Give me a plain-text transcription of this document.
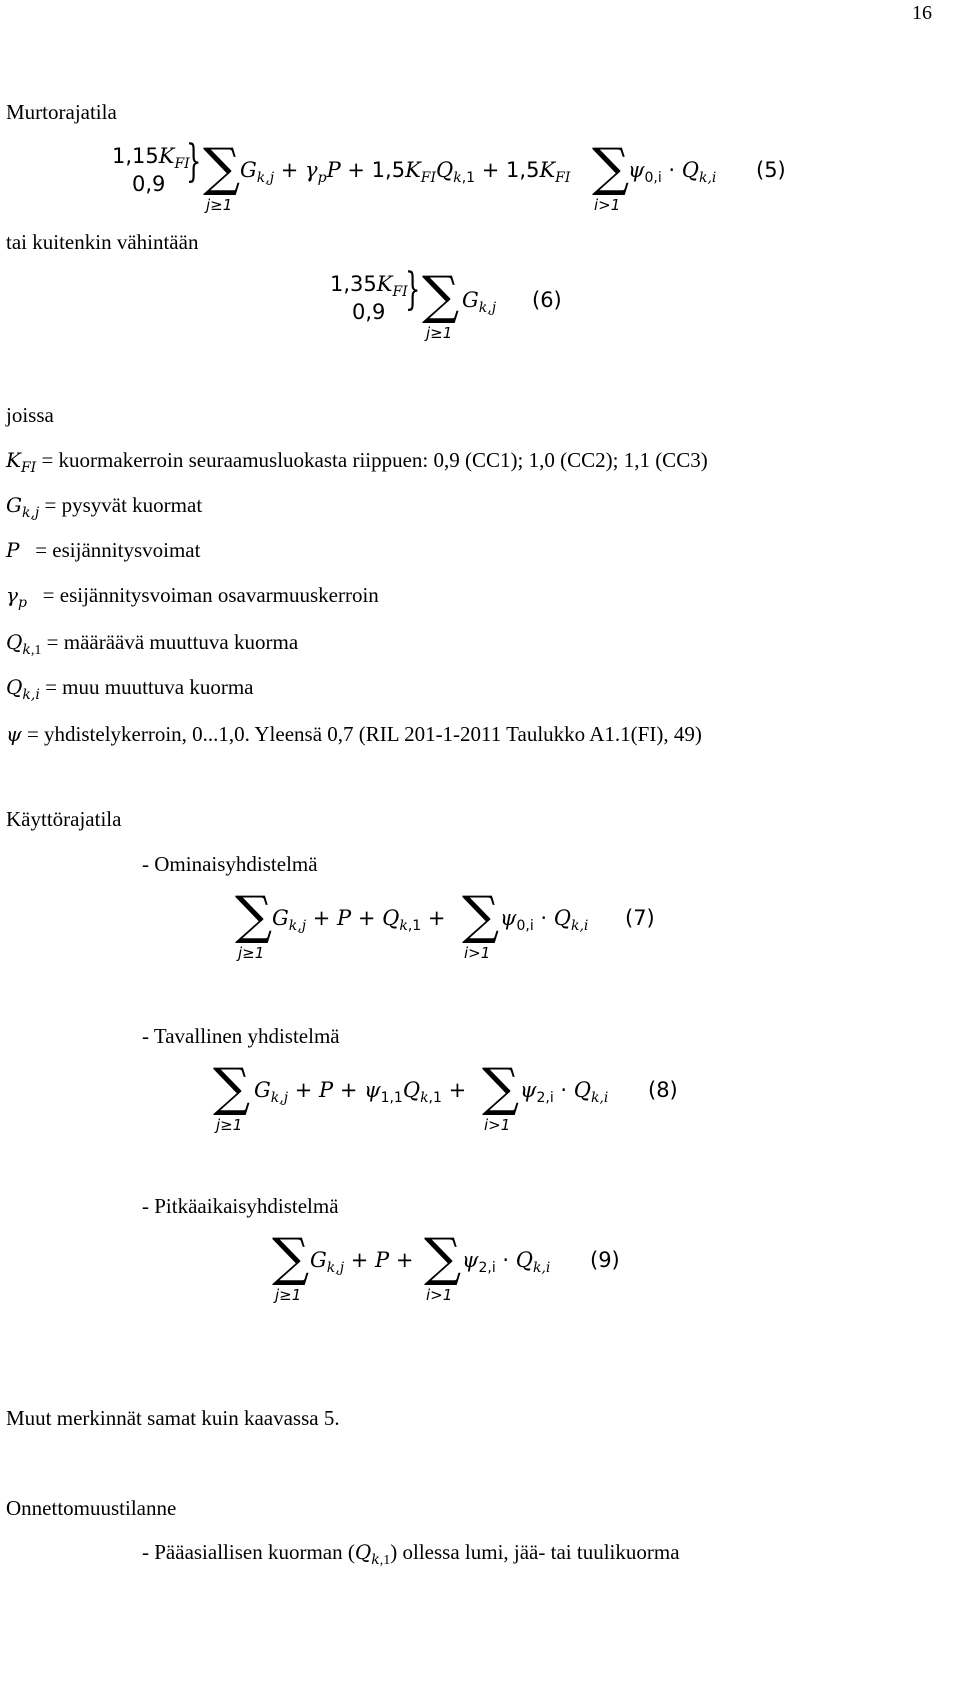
16
Murtorajatila
$1,15K_{FI}$
0,9 } ∑
j≥1
$G_{k,j} + \gamma_pP + 1,5K_{FI}Q_{k,1} + 1,5K_{FI}$ ∑
i>1
$\psi_{0,i} \cdot Q_{k,i}$ (5)
tai kuitenkin vähintään
$1,35K_{FI}$
0,9 } ∑
j≥1
$G_{k,j}$ (6)
joissa
$K_{FI}$ = kuormakerroin seuraamusluokasta riippuen: 0,9 (CC1); 1,0 (CC2); 1,1 (CC3)
$G_{k,j}$ = pysyvät kuormat
P = esijännitysvoimat
$\gamma_p$ = esijännitysvoiman osavarmuuskerroin
$Q_{k,1}$ = määräävä muuttuva kuorma
$Q_{k,i}$ = muu muuttuva kuorma
ψ = yhdistelykerroin, 0...1,0. Yleensä 0,7 (RIL 201-1-2011 Taulukko A1.1(FI), 49)
Käyttörajatila
- Ominaisyhdistelmä
∑
j≥1
$G_{k,j} + P + Q_{k,1}$ + ∑
i>1
$\psi_{0,i} \cdot Q_{k,i}$ (7)
- Tavallinen yhdistelmä
∑
j≥1
$G_{k,j} + P + \psi_{1,1}Q_{k,1}$ + ∑
i>1
$\psi_{2,i} \cdot Q_{k,i}$ (8)
- Pitkäaikaisyhdistelmä
∑
j≥1
$G_{k,j} + P$ + ∑
i>1
$\psi_{2,i} \cdot Q_{k,i}$ (9)
Muut merkinnät samat kuin kaavassa 5.
Onnettomuustilanne
- Pääasiallisen kuorman $(Q_{k,1})$ ollessa lumi, jää- tai tuulikuorma
